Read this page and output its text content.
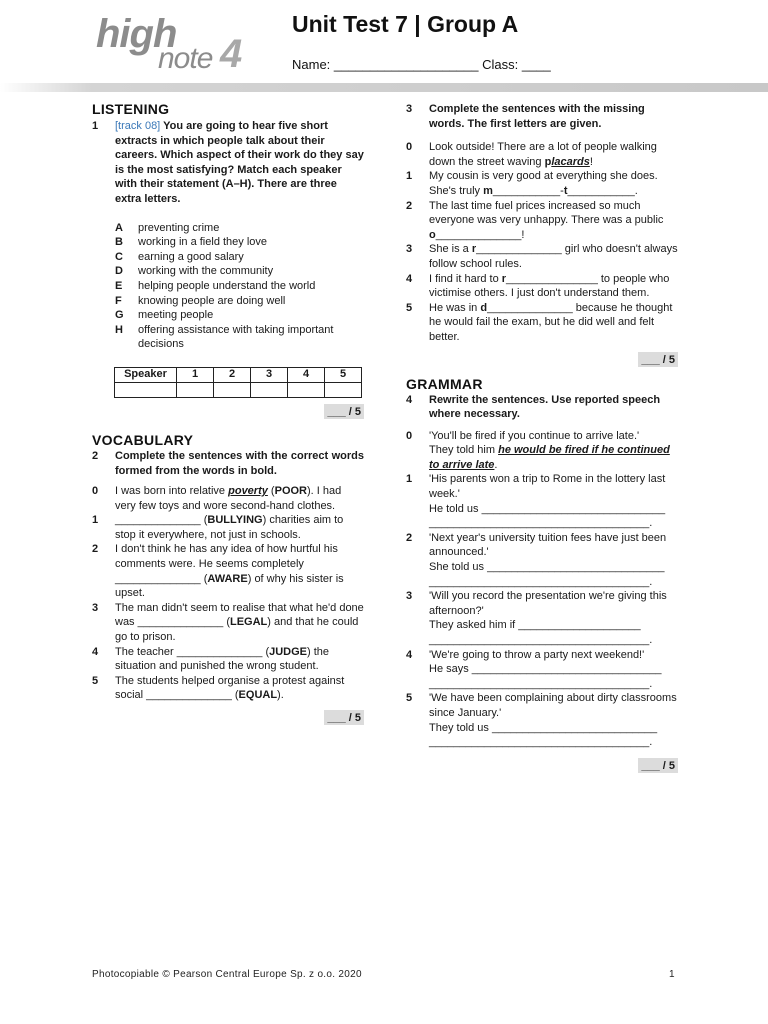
high
note 4
Unit Test 7 | Group A
Name: ____________________ Class: ____
LISTENING
1	[track 08] You are going to hear five short extracts in which people talk about their careers. Which aspect of their work do they say is the most satisfying? Match each speaker with their statement (A–H). There are three extra letters.
A	preventing crime
B	working in a field they love
C	earning a good salary
D	working with the community
E	helping people understand the world
F	knowing people are doing well
G	meeting people
H	offering assistance with taking important decisions
Speaker	1	2	3	4	5

___ / 5
VOCABULARY
2	Complete the sentences with the correct words formed from the words in bold.
0	I was born into relative poverty (POOR). I had very few toys and wore second-hand clothes.
1	______________ (BULLYING) charities aim to stop it everywhere, not just in schools.
2	I don't think he has any idea of how hurtful his comments were. He seems completely ______________ (AWARE) of why his sister is upset.
3	The man didn't seem to realise that what he'd done was ______________ (LEGAL) and that he could go to prison.
4	The teacher ______________ (JUDGE) the situation and punished the wrong student.
5	The students helped organise a protest against social ______________ (EQUAL).
___ / 5
3	Complete the sentences with the missing words. The first letters are given.
0	Look outside! There are a lot of people walking down the street waving placards!
1	My cousin is very good at everything she does. She's truly m___________-t___________.
2	The last time fuel prices increased so much everyone was very unhappy. There was a public o______________!
3	She is a r______________ girl who doesn't always follow school rules.
4	I find it hard to r_______________ to people who victimise others. I just don't understand them.
5	He was in d______________ because he thought he would fail the exam, but he did well and felt better.
___ / 5
GRAMMAR
4	Rewrite the sentences. Use reported speech where necessary.
0	'You'll be fired if you continue to arrive late.'
They told him he would be fired if he continued to arrive late.
1	'His parents won a trip to Rome in the lottery last week.'
He told us ______________________________
____________________________________.
2	'Next year's university tuition fees have just been announced.'
She told us _____________________________
____________________________________.
3	'Will you record the presentation we're giving this afternoon?'
They asked him if ____________________
____________________________________.
4	'We're going to throw a party next weekend!'
He says _______________________________
____________________________________.
5	'We have been complaining about dirty classrooms since January.'
They told us ___________________________
____________________________________.
___ / 5
Photocopiable © Pearson Central Europe Sp. z o.o. 2020	1
